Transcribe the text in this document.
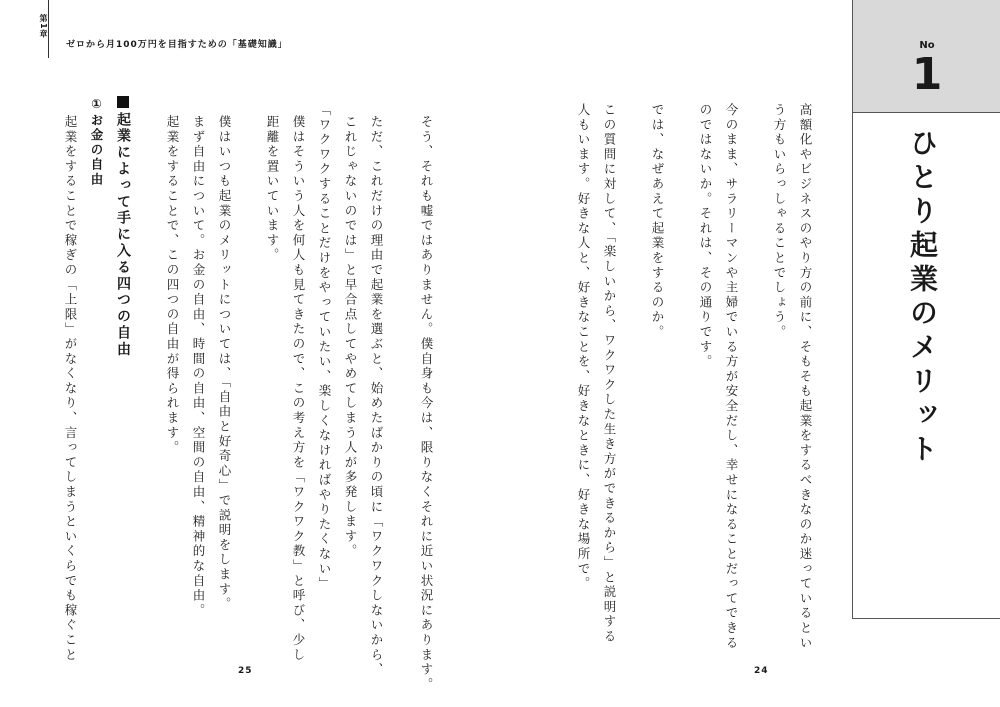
第1章
ゼロから月100万円を目指すための「基礎知識」
そう、それも嘘ではありません。僕自身も今は、限りなくそれに近い状況にあります。
ただ、これだけの理由で起業を選ぶと、始めたばかりの頃に「ワクワクしないから、
これじゃないのでは」と早合点してやめてしまう人が多発します。
「ワクワクすることだけをやっていたい、楽しくなければやりたくない」
僕はそういう人を何人も見てきたので、この考え方を「ワクワク教」と呼び、少し
距離を置いています。
僕はいつも起業のメリットについては、「自由と好奇心」で説明をします。
まず自由について。お金の自由、時間の自由、空間の自由、精神的な自由。
起業をすることで、この四つの自由が得られます。
起業によって手に入る四つの自由
①お金の自由
起業をすることで稼ぎの「上限」がなくなり、言ってしまうといくらでも稼ぐこと
25
高額化やビジネスのやり方の前に、そもそも起業をするべきなのか迷っているとい
う方もいらっしゃることでしょう。
今のまま、サラリーマンや主婦でいる方が安全だし、幸せになることだってできる
のではないか。それは、その通りです。
では、なぜあえて起業をするのか。
この質問に対して、「楽しいから、ワクワクした生き方ができるから」と説明する
人もいます。好きな人と、好きなことを、好きなときに、好きな場所で。
24
No
1
ひとり起業のメリット
